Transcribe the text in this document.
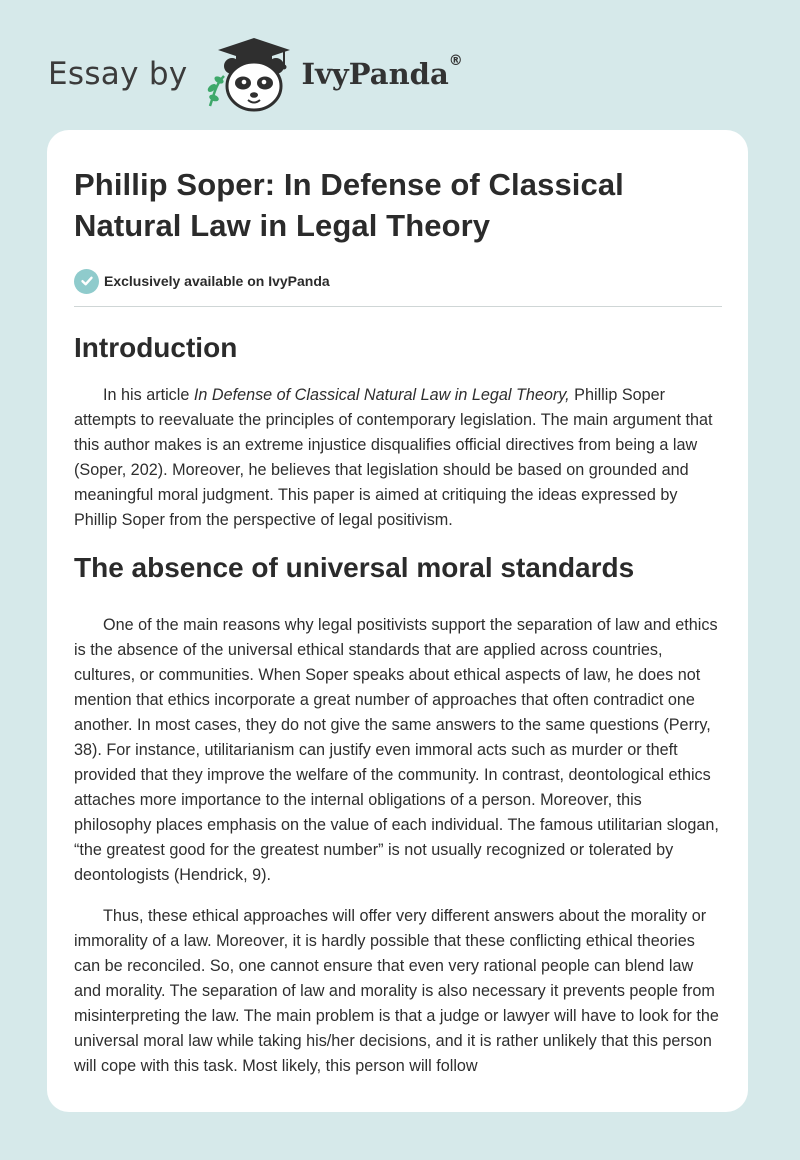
Essay by	IvyPanda®
Phillip Soper: In Defense of Classical Natural Law in Legal Theory
Exclusively available on IvyPanda
Introduction

In his article In Defense of Classical Natural Law in Legal Theory, Phillip Soper attempts to reevaluate the principles of contemporary legislation. The main argument that this author makes is an extreme injustice disqualifies official directives from being a law (Soper, 202). Moreover, he believes that legislation should be based on grounded and meaningful moral judgment. This paper is aimed at critiquing the ideas expressed by Phillip Soper from the perspective of legal positivism.

The absence of universal moral standards

One of the main reasons why legal positivists support the separation of law and ethics is the absence of the universal ethical standards that are applied across countries, cultures, or communities. When Soper speaks about ethical aspects of law, he does not mention that ethics incorporate a great number of approaches that often contradict one another. In most cases, they do not give the same answers to the same questions (Perry, 38). For instance, utilitarianism can justify even immoral acts such as murder or theft provided that they improve the welfare of the community. In contrast, deontological ethics attaches more importance to the internal obligations of a person. Moreover, this philosophy places emphasis on the value of each individual. The famous utilitarian slogan, “the greatest good for the greatest number” is not usually recognized or tolerated by deontologists (Hendrick, 9).

Thus, these ethical approaches will offer very different answers about the morality or immorality of a law. Moreover, it is hardly possible that these conflicting ethical theories can be reconciled. So, one cannot ensure that even very rational people can blend law and morality. The separation of law and morality is also necessary it prevents people from misinterpreting the law. The main problem is that a judge or lawyer will have to look for the universal moral law while taking his/her decisions, and it is rather unlikely that this person will cope with this task. Most likely, this person will follow
